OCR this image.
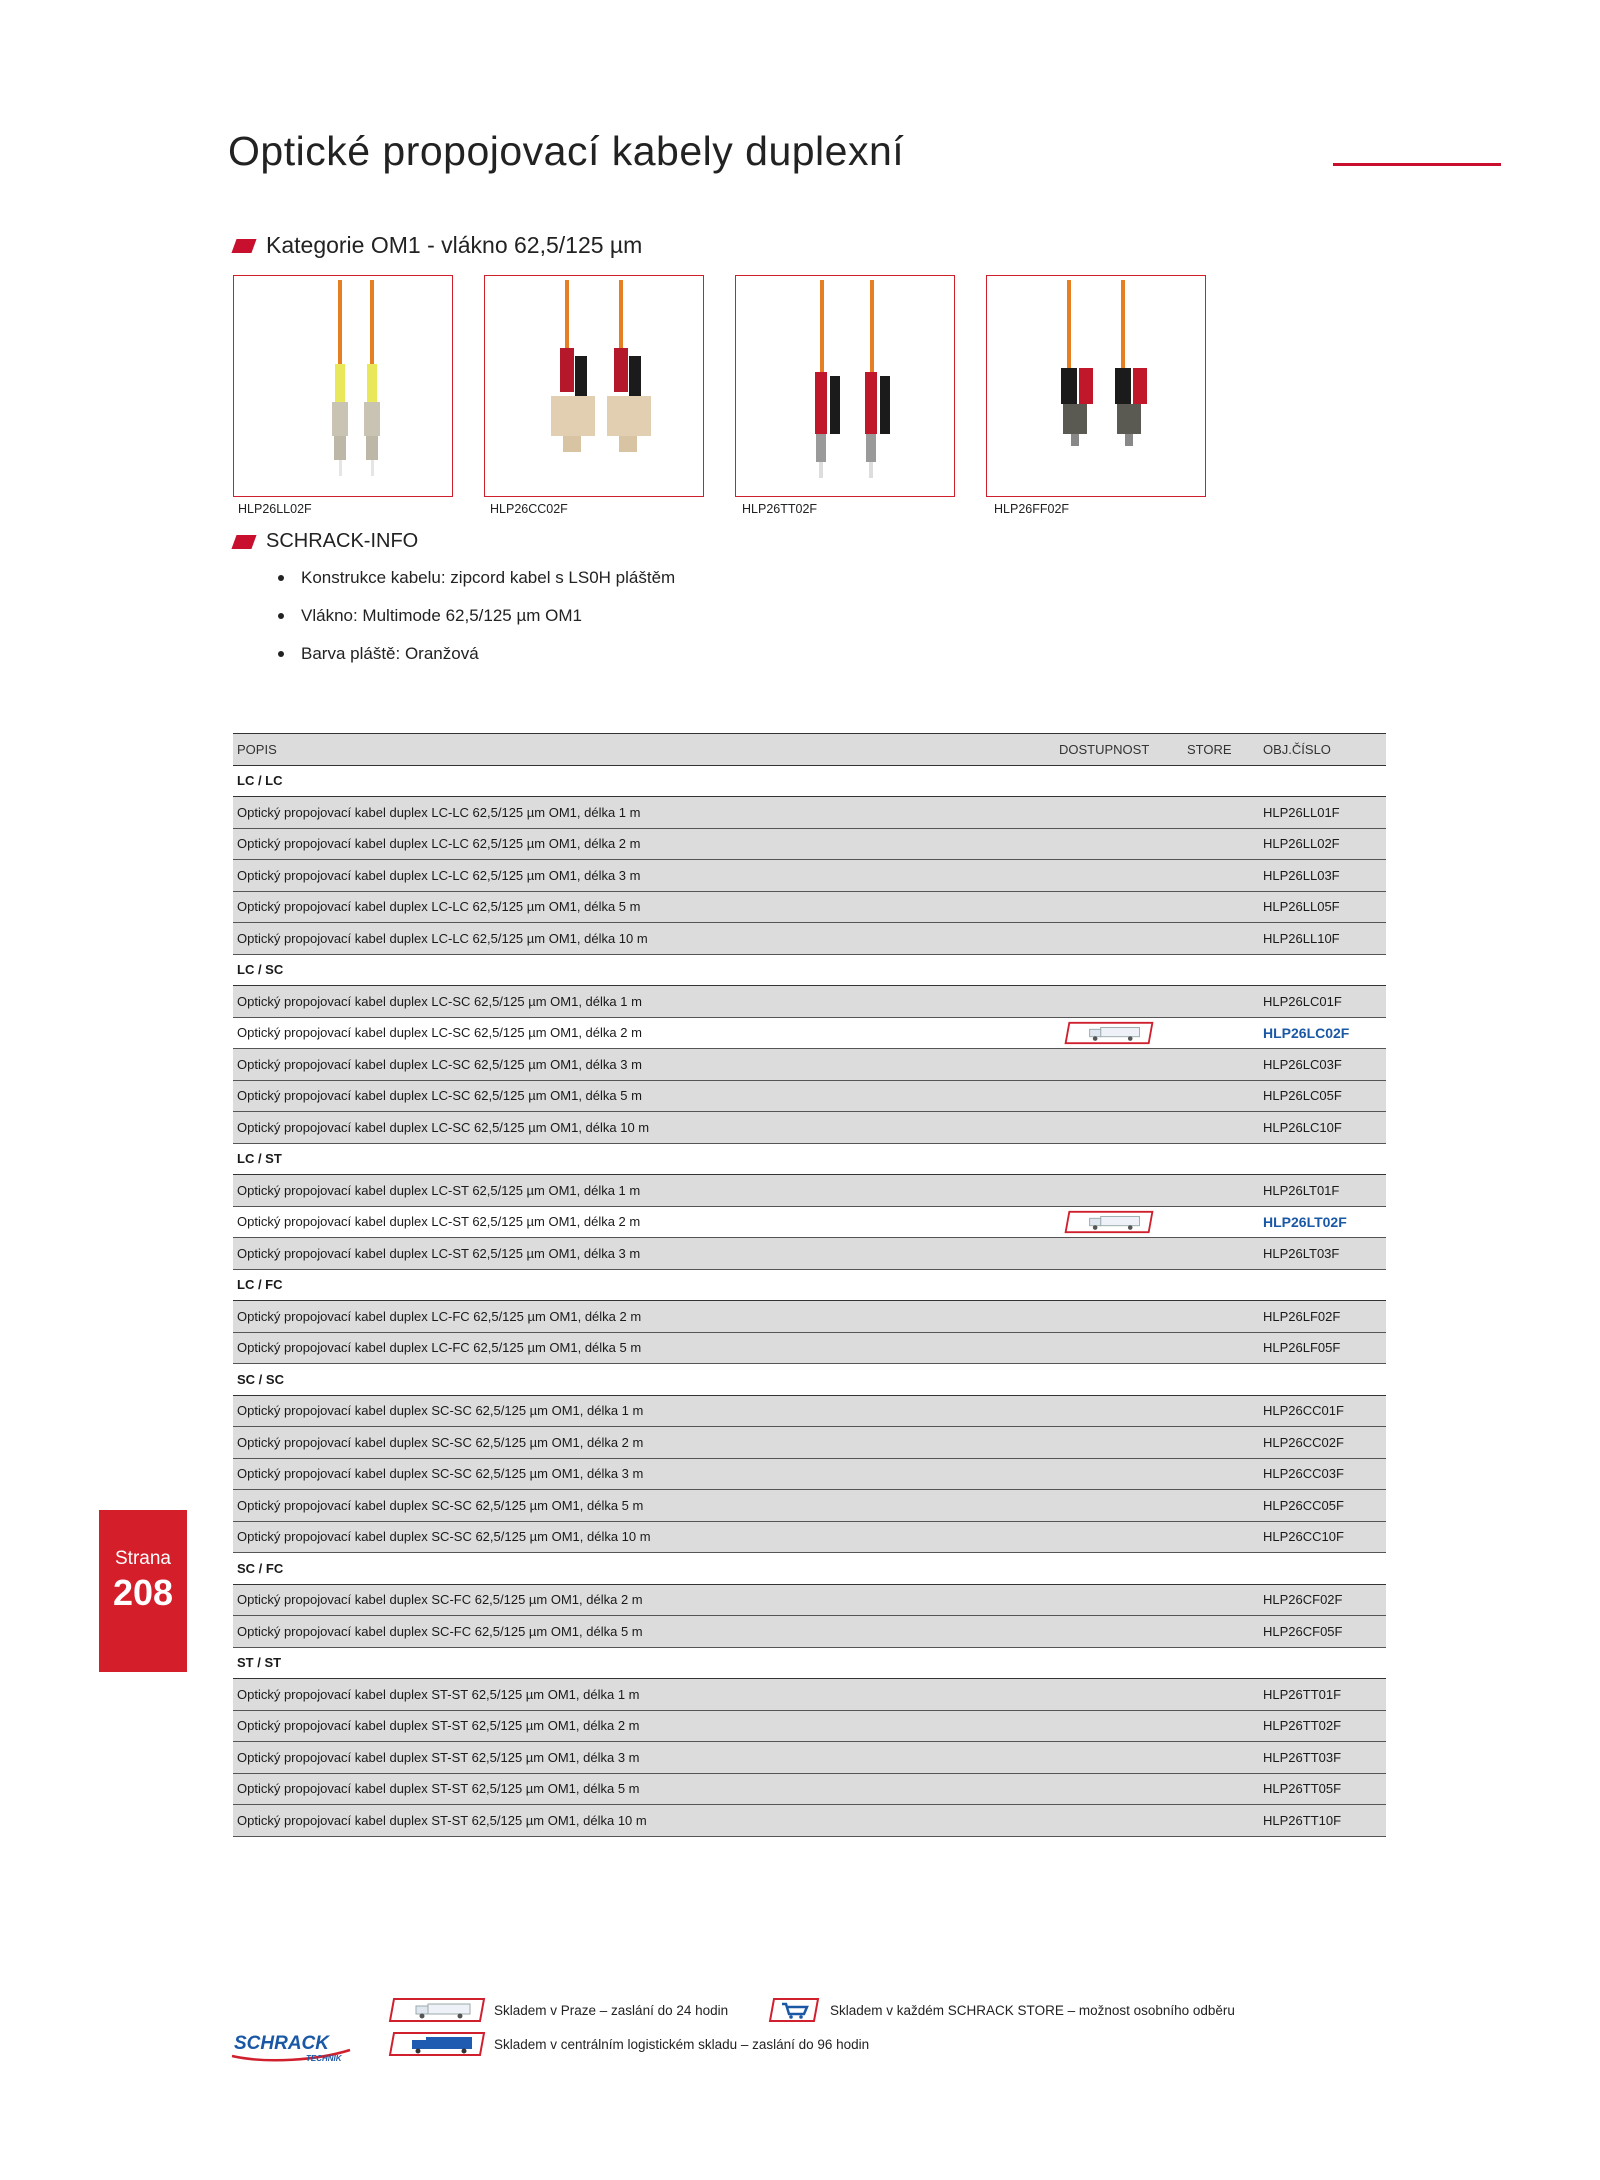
Optické propojovací kabely duplexní
Kategorie OM1 - vlákno 62,5/125 µm
HLP26LL02F	HLP26CC02F	HLP26TT02F	HLP26FF02F
SCHRACK-INFO
Konstrukce kabelu: zipcord kabel s LS0H pláštěm
Vlákno: Multimode 62,5/125 µm OM1
Barva pláště: Oranžová
POPIS	DOSTUPNOST	STORE	OBJ.ČÍSLO
LC / LC			
Optický propojovací kabel duplex LC-LC 62,5/125 µm OM1, délka 1 m			HLP26LL01F
Optický propojovací kabel duplex LC-LC 62,5/125 µm OM1, délka 2 m			HLP26LL02F
Optický propojovací kabel duplex LC-LC 62,5/125 µm OM1, délka 3 m			HLP26LL03F
Optický propojovací kabel duplex LC-LC 62,5/125 µm OM1, délka 5 m			HLP26LL05F
Optický propojovací kabel duplex LC-LC 62,5/125 µm OM1, délka 10 m			HLP26LL10F
LC / SC			
Optický propojovací kabel duplex LC-SC 62,5/125 µm OM1, délka 1 m			HLP26LC01F
Optický propojovací kabel duplex LC-SC 62,5/125 µm OM1, délka 2 m			HLP26LC02F
Optický propojovací kabel duplex LC-SC 62,5/125 µm OM1, délka 3 m			HLP26LC03F
Optický propojovací kabel duplex LC-SC 62,5/125 µm OM1, délka 5 m			HLP26LC05F
Optický propojovací kabel duplex LC-SC 62,5/125 µm OM1, délka 10 m			HLP26LC10F
LC / ST			
Optický propojovací kabel duplex LC-ST 62,5/125 µm OM1, délka 1 m			HLP26LT01F
Optický propojovací kabel duplex LC-ST 62,5/125 µm OM1, délka 2 m			HLP26LT02F
Optický propojovací kabel duplex LC-ST 62,5/125 µm OM1, délka 3 m			HLP26LT03F
LC / FC			
Optický propojovací kabel duplex LC-FC 62,5/125 µm OM1, délka 2 m			HLP26LF02F
Optický propojovací kabel duplex LC-FC 62,5/125 µm OM1, délka 5 m			HLP26LF05F
SC / SC			
Optický propojovací kabel duplex SC-SC 62,5/125 µm OM1, délka 1 m			HLP26CC01F
Optický propojovací kabel duplex SC-SC 62,5/125 µm OM1, délka 2 m			HLP26CC02F
Optický propojovací kabel duplex SC-SC 62,5/125 µm OM1, délka 3 m			HLP26CC03F
Optický propojovací kabel duplex SC-SC 62,5/125 µm OM1, délka 5 m			HLP26CC05F
Optický propojovací kabel duplex SC-SC 62,5/125 µm OM1, délka 10 m			HLP26CC10F
SC / FC			
Optický propojovací kabel duplex SC-FC 62,5/125 µm OM1, délka 2 m			HLP26CF02F
Optický propojovací kabel duplex SC-FC 62,5/125 µm OM1, délka 5 m			HLP26CF05F
ST / ST			
Optický propojovací kabel duplex ST-ST 62,5/125 µm OM1, délka 1 m			HLP26TT01F
Optický propojovací kabel duplex ST-ST 62,5/125 µm OM1, délka 2 m			HLP26TT02F
Optický propojovací kabel duplex ST-ST 62,5/125 µm OM1, délka 3 m			HLP26TT03F
Optický propojovací kabel duplex ST-ST 62,5/125 µm OM1, délka 5 m			HLP26TT05F
Optický propojovací kabel duplex ST-ST 62,5/125 µm OM1, délka 10 m			HLP26TT10F
Strana
208
Skladem v Praze – zaslání do 24 hodin	Skladem v každém SCHRACK STORE – možnost osobního odběru
Skladem v centrálním logistickém skladu – zaslání do 96 hodin
SCHRACK
TECHNIK
